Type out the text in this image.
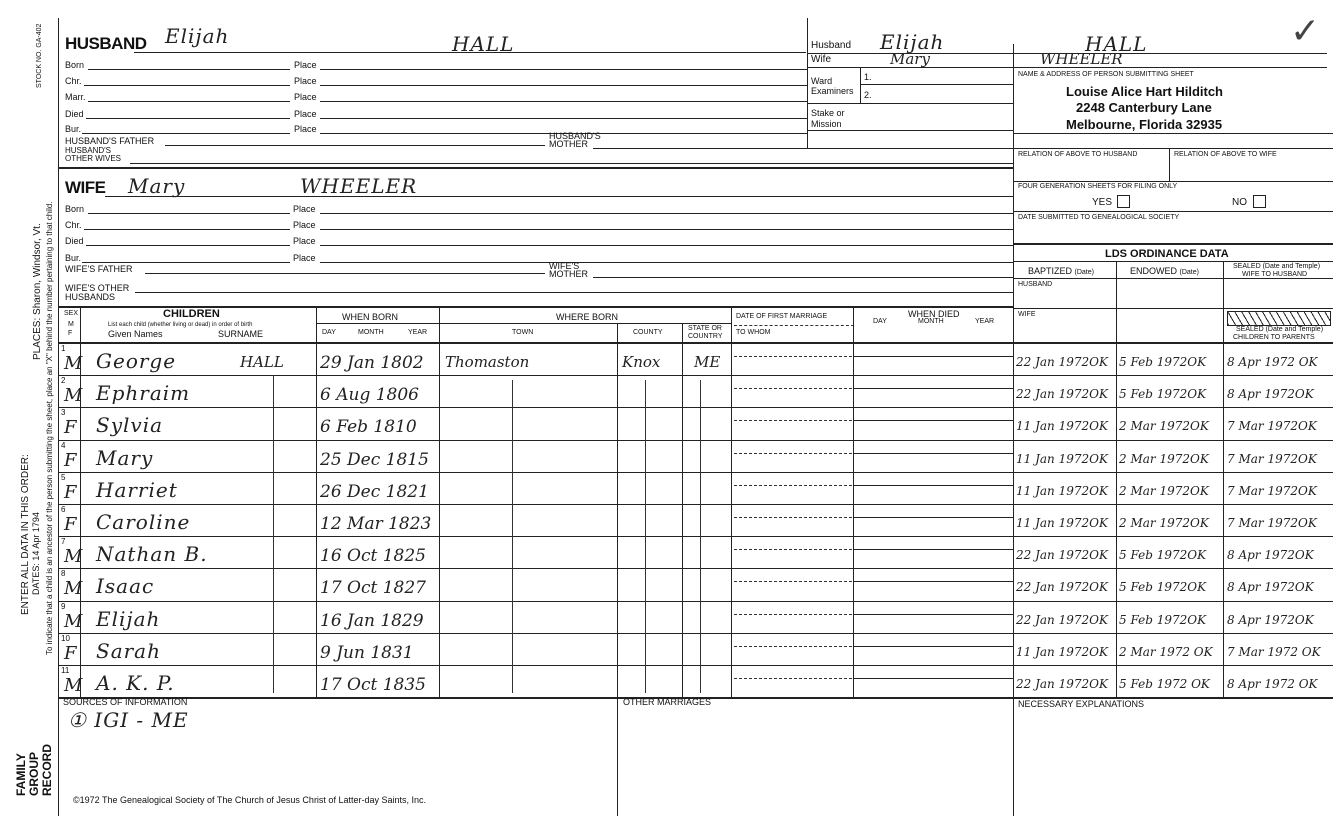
STOCK NO. GA-402
PLACES: Sharon, Windsor, Vt. To indicate that a child is an ancestor of the person submitting the sheet, place an "X" behind the number pertaining to that child.
ENTER ALL DATA IN THIS ORDER: DATES: 14 Apr 1794
FAMILY
GROUP
RECORD
✓
HUSBAND Elijah	HALL
Born
Chr.
Marr.
Died
Bur.
Place
Place
Place
Place
Place
HUSBAND'S FATHER	HUSBAND'S
MOTHER
HUSBAND'S
OTHER WIVES
Husband Elijah	HALL
Wife	Mary	WHEELER
Ward
Examiners
1.
2.
Stake or
Mission
NAME & ADDRESS OF PERSON SUBMITTING SHEET
Louise Alice Hart Hilditch
2248 Canterbury Lane
Melbourne, Florida 32935
RELATION OF ABOVE TO HUSBAND	RELATION OF ABOVE TO WIFE
FOUR GENERATION SHEETS FOR FILING ONLY
YES	NO
DATE SUBMITTED TO GENEALOGICAL SOCIETY
LDS ORDINANCE DATA
BAPTIZED (Date)	ENDOWED (Date)
SEALED (Date and Temple)
WIFE TO HUSBAND
HUSBAND
WIFE
SEALED (Date and Temple)
CHILDREN TO PARENTS
WIFE Mary	WHEELER
Born
Chr.
Died
Bur.
Place
Place
Place
Place
WIFE'S FATHER	WIFE'S
MOTHER
WIFE'S OTHER
HUSBANDS
SEX
M
F
CHILDREN
List each child (whether living or dead) in order of birth
Given Names	SURNAME
WHEN BORN
DAY	MONTH	YEAR
WHERE BORN
TOWN	COUNTY
STATE OR
COUNTRY
DATE OF FIRST MARRIAGE
TO WHOM
WHEN DIED
DAY	MONTH	YEAR
1
M George	HALL 29 Jan 1802 Thomaston	Knox ME	22 Jan 1972OK 5 Feb 1972OK 8 Apr 1972 OK
2
M Ephraim	6 Aug 1806	22 Jan 1972OK 5 Feb 1972OK 8 Apr 1972OK
3
F Sylvia	6 Feb 1810	11 Jan 1972OK 2 Mar 1972OK 7 Mar 1972OK
4
F Mary	25 Dec 1815	11 Jan 1972OK 2 Mar 1972OK 7 Mar 1972OK
5
F Harriet	26 Dec 1821	11 Jan 1972OK 2 Mar 1972OK 7 Mar 1972OK
6
F Caroline	12 Mar 1823	11 Jan 1972OK 2 Mar 1972OK 7 Mar 1972OK
7
M Nathan B.	16 Oct 1825	22 Jan 1972OK 5 Feb 1972OK 8 Apr 1972OK
8
M Isaac	17 Oct 1827	22 Jan 1972OK 5 Feb 1972OK 8 Apr 1972OK
9
M Elijah	16 Jan 1829	22 Jan 1972OK 5 Feb 1972OK 8 Apr 1972OK
10
F Sarah	9 Jun 1831	11 Jan 1972OK 2 Mar 1972 OK 7 Mar 1972 OK
11
M A. K. P.	17 Oct 1835	22 Jan 1972OK 5 Feb 1972 OK 8 Apr 1972 OK
SOURCES OF INFORMATION
① IGI - ME
OTHER MARRIAGES	NECESSARY EXPLANATIONS
©1972 The Genealogical Society of The Church of Jesus Christ of Latter-day Saints, Inc.
